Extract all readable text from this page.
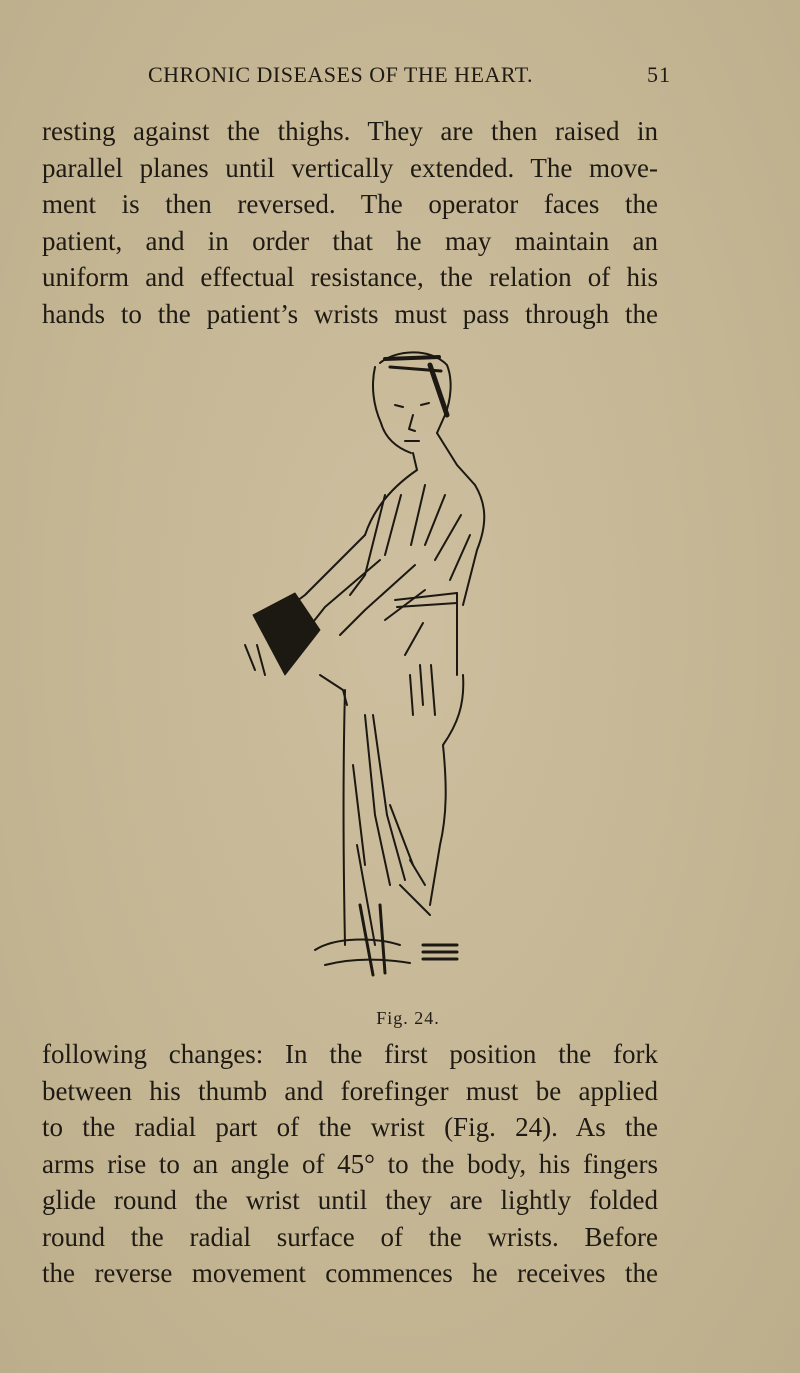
CHRONIC DISEASES OF THE HEART.	51
resting against the thighs. They are then raised in
parallel planes until vertically extended. The move-
ment is then reversed. The operator faces the
patient, and in order that he may maintain an
uniform and effectual resistance, the relation of his
hands to the patient’s wrists must pass through the
Fig. 24.
following changes: In the first position the fork
between his thumb and forefinger must be applied
to the radial part of the wrist (Fig. 24). As the
arms rise to an angle of 45° to the body, his fingers
glide round the wrist until they are lightly folded
round the radial surface of the wrists. Before
the reverse movement commences he receives the
